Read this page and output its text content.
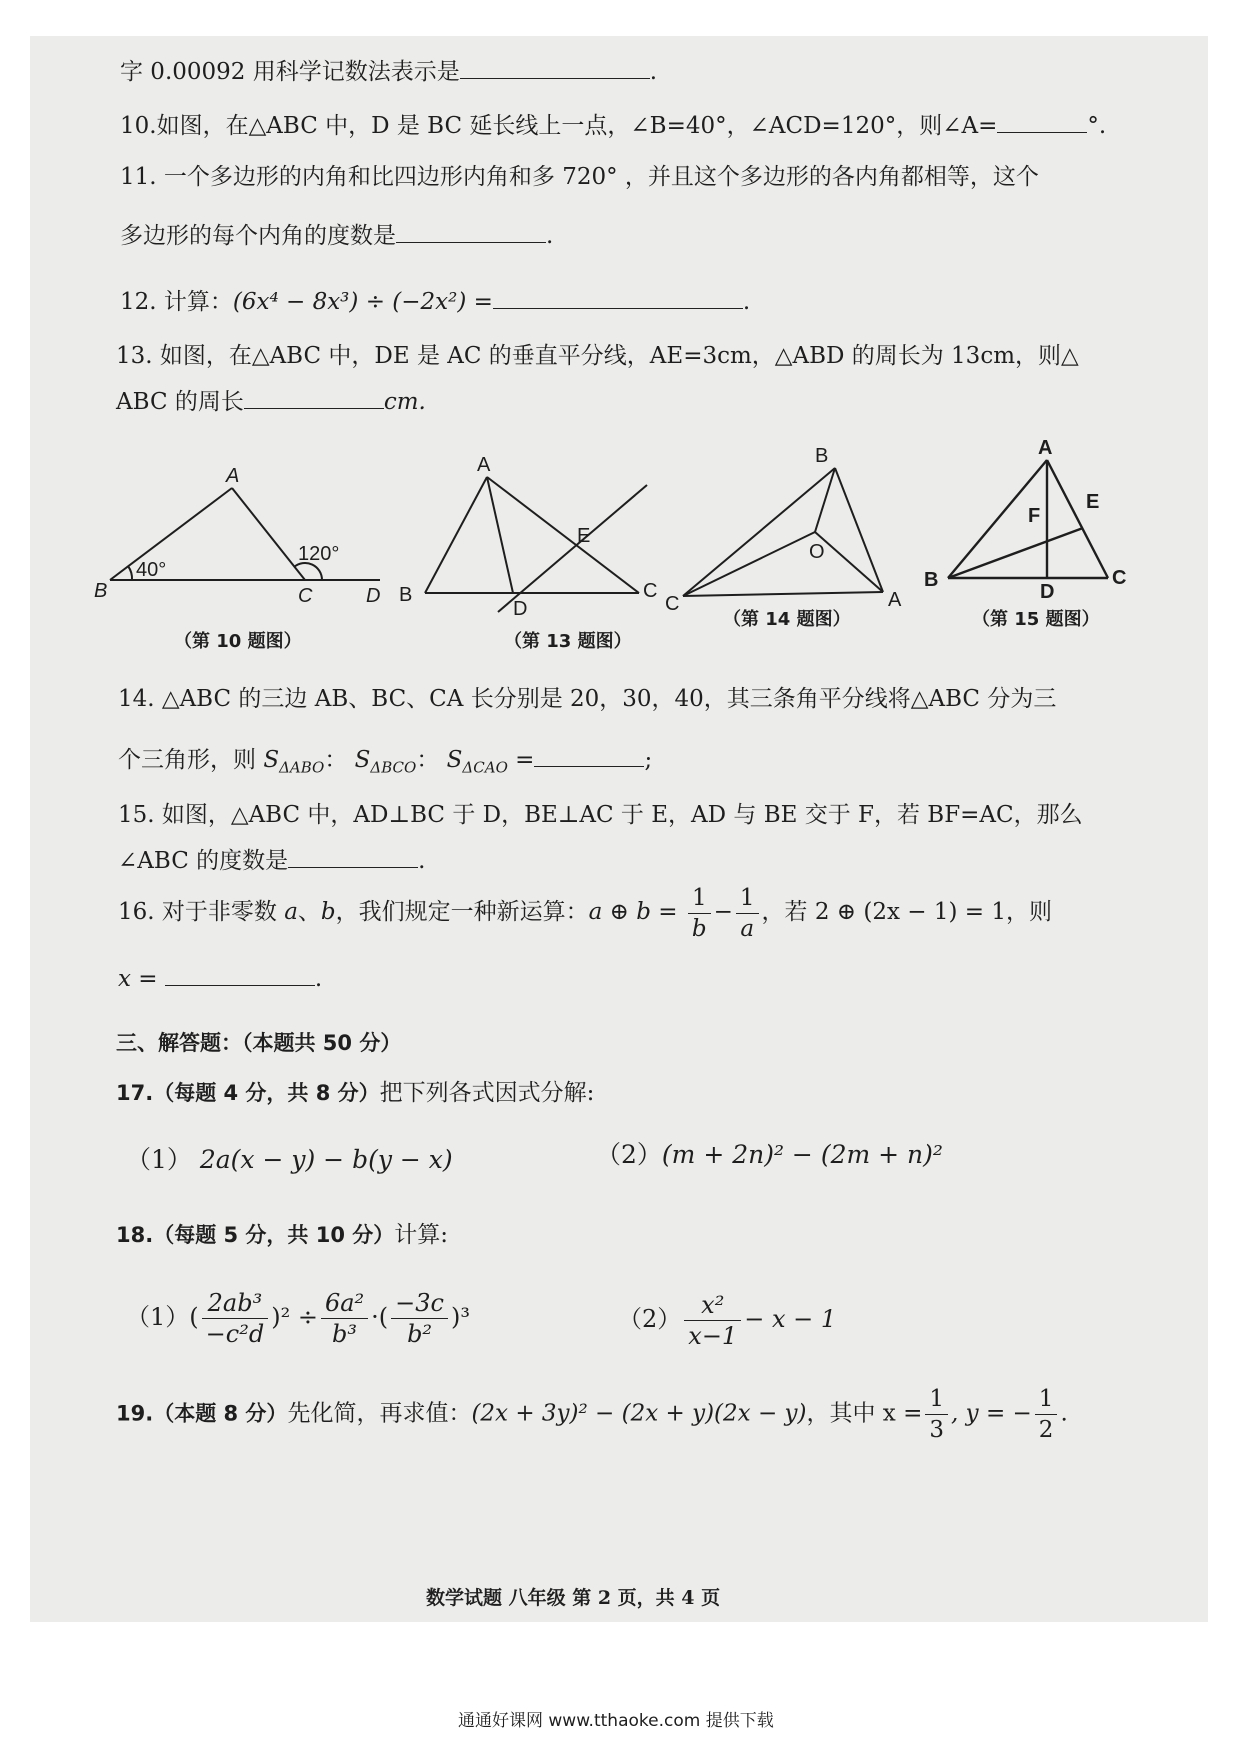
字 0.00092 用科学记数法表示是	.
10.如图，在△ABC 中，D 是 BC 延长线上一点，∠B=40°，∠ACD=120°，则∠A=	°.
11. 一个多边形的内角和比四边形内角和多 720° ，并且这个多边形的各内角都相等，这个
多边形的每个内角的度数是	.
12. 计算：(6x⁴ − 8x³) ÷ (−2x²) =	.
13. 如图，在△ABC 中，DE 是 AC 的垂直平分线，AE=3cm，△ABD 的周长为 13cm，则△
ABC 的周长	cm.
A
B	C	D
40°
120°
（第 10 题图）
A
B	C
D
E
（第 13 题图）
B
C	A
O
（第 14 题图）
A
B	C
D
E
F
（第 15 题图）
14. △ABC 的三边 AB、BC、CA 长分别是 20，30，40，其三条角平分线将△ABC 分为三
个三角形，则 $S_{\Delta ABO}$： $S_{\Delta BCO}$： $S_{\Delta CAO}$ =	;
15. 如图，△ABC 中，AD⊥BC 于 D，BE⊥AC 于 E，AD 与 BE 交于 F，若 BF=AC，那么
∠ABC 的度数是	.
16. 对于非零数 a、b，我们规定一种新运算：a ⊕ $b = \frac{1}{b} - \frac{1}{a}$ ，若 2 ⊕ (2x − 1) = 1，则
x =	.
三、解答题：（本题共 50 分）
17.（每题 4 分，共 8 分）把下列各式因式分解:
（1） 2a(x − y) − b(y − x)	（2）(m + 2n)² − (2m + n)²
18.（每题 5 分，共 10 分）计算:
$(1)( \frac{\text{2ab³}}{\text{−c²d}} )^2 \div \frac{\text{6a²}}{\text{b³}}$ ·( $\frac{-3c}{\text{b²}} )^3$	$(2) \frac{\text{x²}}{x-1} - x - 1$
19.（本题 8 分）先化简，再求值：(2x + 3y)² − (2x + y)(2x − y)，其中 $x = \frac{1}{3}$ , y = − $\frac{1}{2}$ .
数学试题 八年级 第 2 页，共 4 页
通通好课网 www.tthaoke.com 提供下载
